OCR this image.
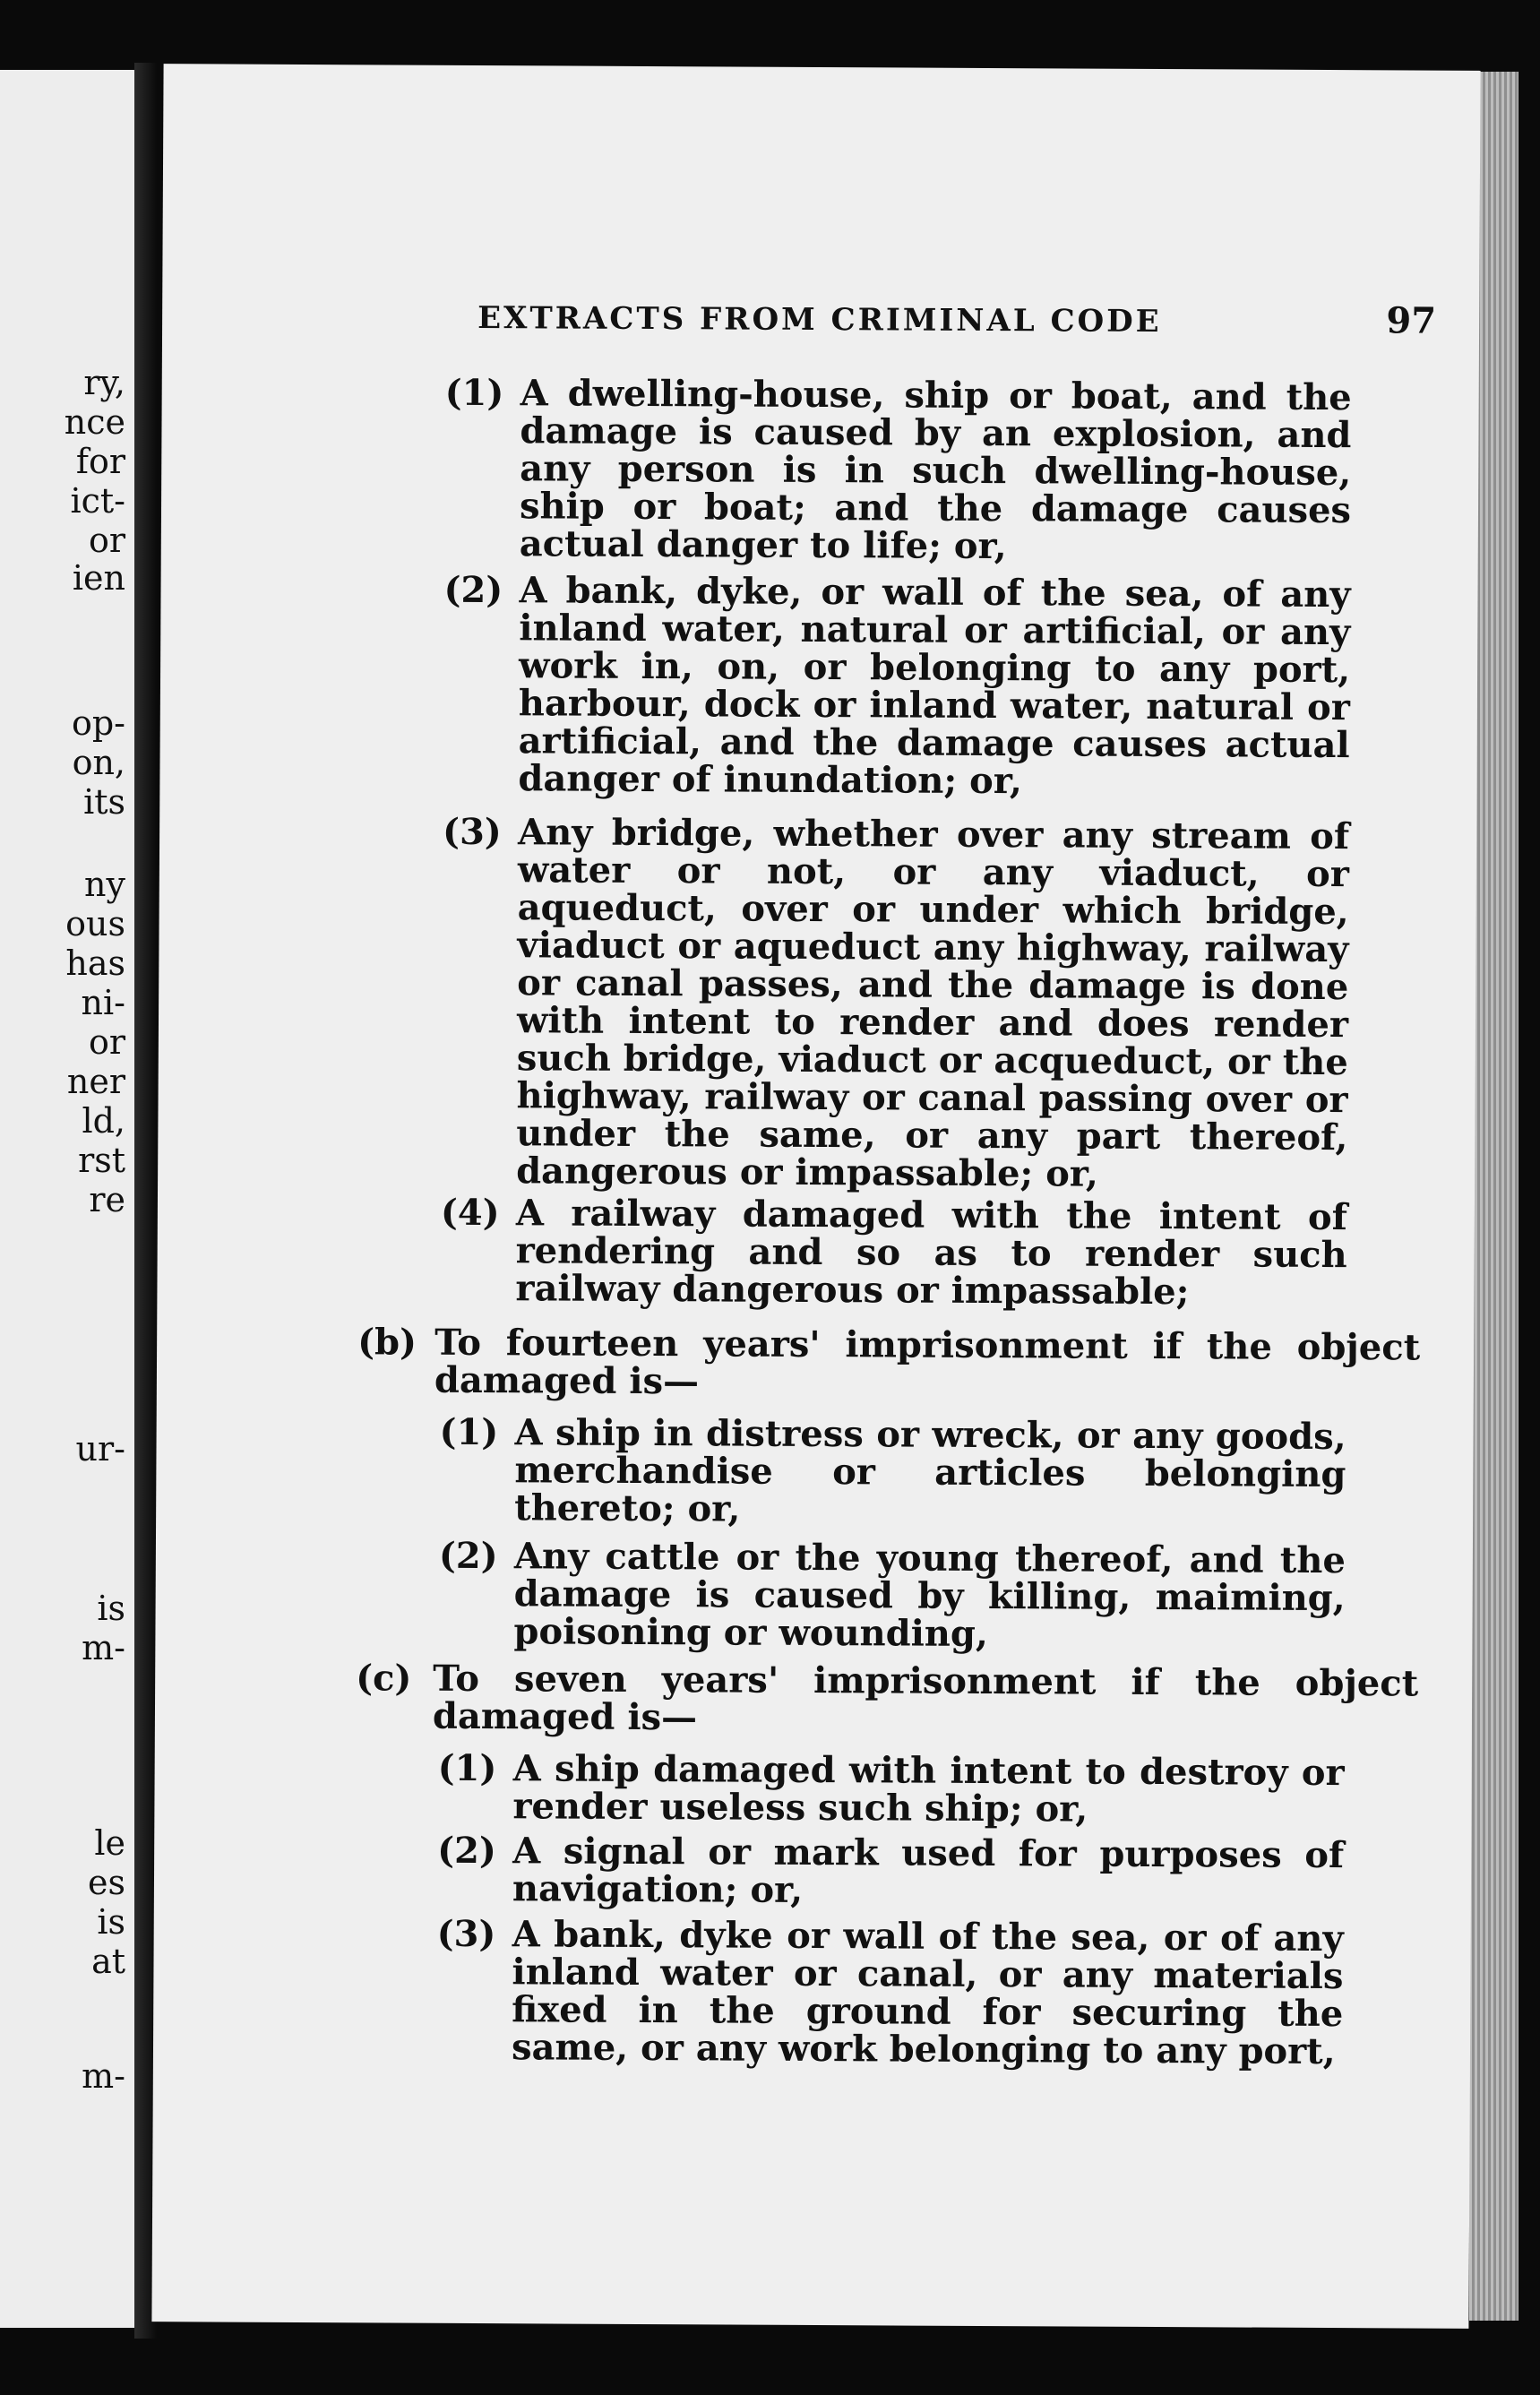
ry,
nce
for
ict-
or
ien
op-
on,
its
ny
ous
has
ni-
or
ner
ld,
rst
re
ur-
is
m-
le
es
is
at
m-
EXTRACTS FROM CRIMINAL CODE	97
(1) A dwelling-house, ship or boat, and the damage is caused by an explosion, and any person is in such dwelling-house, ship or boat; and the damage causes actual danger to life; or,
(2) A bank, dyke, or wall of the sea, of any inland water, natural or artificial, or any work in, on, or belonging to any port, harbour, dock or inland water, natural or artificial, and the damage causes actual danger of inundation; or,
(3) Any bridge, whether over any stream of water or not, or any viaduct, or aqueduct, over or under which bridge, viaduct or aqueduct any highway, railway or canal passes, and the damage is done with intent to render and does render such bridge, viaduct or acqueduct, or the highway, railway or canal passing over or under the same, or any part thereof, dangerous or impassable; or,
(4) A railway damaged with the intent of rendering and so as to render such railway dangerous or impassable;
(b) To fourteen years' imprisonment if the object damaged is—
(1) A ship in distress or wreck, or any goods, merchandise or articles belonging thereto; or,
(2) Any cattle or the young thereof, and the damage is caused by killing, maiming, poisoning or wounding,
(c) To seven years' imprisonment if the object damaged is—
(1) A ship damaged with intent to destroy or render useless such ship; or,
(2) A signal or mark used for purposes of navigation; or,
(3) A bank, dyke or wall of the sea, or of any inland water or canal, or any materials fixed in the ground for securing the same, or any work belonging to any port,
